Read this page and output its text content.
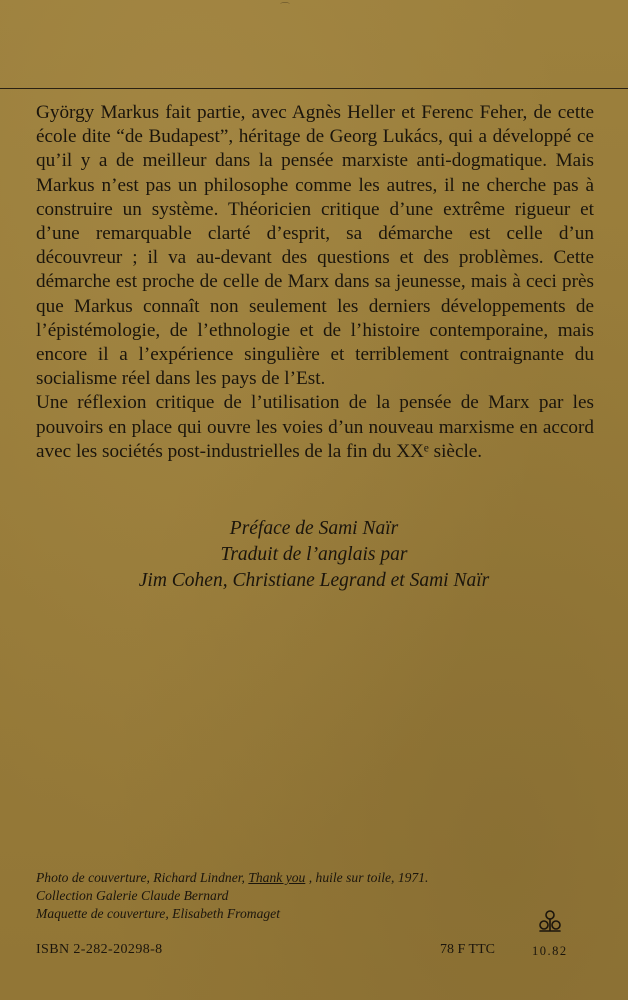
⌒

György Markus fait partie, avec Agnès Heller et Ferenc Feher, de cette école dite “de Budapest”, héritage de Georg Lukács, qui a développé ce qu’il y a de meilleur dans la pensée marxiste anti-dogmatique. Mais Markus n’est pas un philosophe comme les autres, il ne cherche pas à construire un système. Théoricien critique d’une extrême rigueur et d’une remarquable clarté d’esprit, sa démarche est celle d’un découvreur ; il va au-devant des questions et des problèmes. Cette démarche est proche de celle de Marx dans sa jeunesse, mais à ceci près que Markus connaît non seulement les derniers développements de l’épistémologie, de l’ethnologie et de l’histoire contemporaine, mais encore il a l’expérience singulière et terriblement contraignante du socialisme réel dans les pays de l’Est.

Une réflexion critique de l’utilisation de la pensée de Marx par les pouvoirs en place qui ouvre les voies d’un nouveau marxisme en accord avec les sociétés post-industrielles de la fin du XXᵉ siècle.

Préface de Sami Naïr
Traduit de l’anglais par
Jim Cohen, Christiane Legrand et Sami Naïr
Photo de couverture, Richard Lindner, Thank you , huile sur toile, 1971.
Collection Galerie Claude Bernard
Maquette de couverture, Elisabeth Fromaget
ISBN 2-282-20298-8	78 F TTC	10.82
